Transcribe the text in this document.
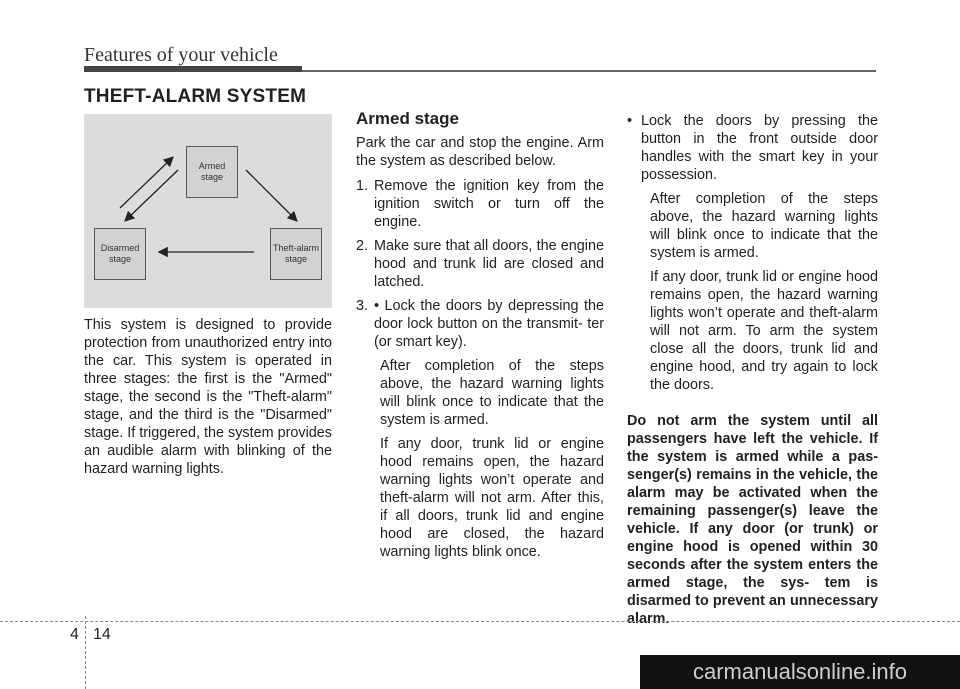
Features of your vehicle
THEFT-ALARM SYSTEM
Armed
stage
Disarmed
stage
Theft-alarm
stage

This system is designed to provide protection from unauthorized entry into the car. This system is operated in three stages: the first is the "Armed" stage, the second is the "Theft-alarm" stage, and the third is the "Disarmed" stage. If triggered, the system provides an audible alarm with blinking of the hazard warning lights.

Armed stage

Park the car and stop the engine. Arm the system as described below.

1. Remove the ignition key from the ignition switch or turn off the engine.
2. Make sure that all doors, the engine hood and trunk lid are closed and latched.
3. • Lock the doors by depressing the door lock button on the transmit- ter (or smart key).
After completion of the steps above, the hazard warning lights will blink once to indicate that the system is armed.
If any door, trunk lid or engine hood remains open, the hazard warning lights won’t operate and theft-alarm will not arm. After this, if all doors, trunk lid and engine hood are closed, the hazard warning lights blink once.
• Lock the doors by pressing the button in the front outside door handles with the smart key in your possession.
After completion of the steps above, the hazard warning lights will blink once to indicate that the system is armed.
If any door, trunk lid or engine hood remains open, the hazard warning lights won’t operate and theft-alarm will not arm. To arm the system close all the doors, trunk lid and engine hood, and try again to lock the doors.

Do not arm the system until all passengers have left the vehicle. If the system is armed while a pas- senger(s) remains in the vehicle, the alarm may be activated when the remaining passenger(s) leave the vehicle. If any door (or trunk) or engine hood is opened within 30 seconds after the system enters the armed stage, the sys- tem is disarmed to prevent an unnecessary alarm.

4 14
carmanualsonline.info
